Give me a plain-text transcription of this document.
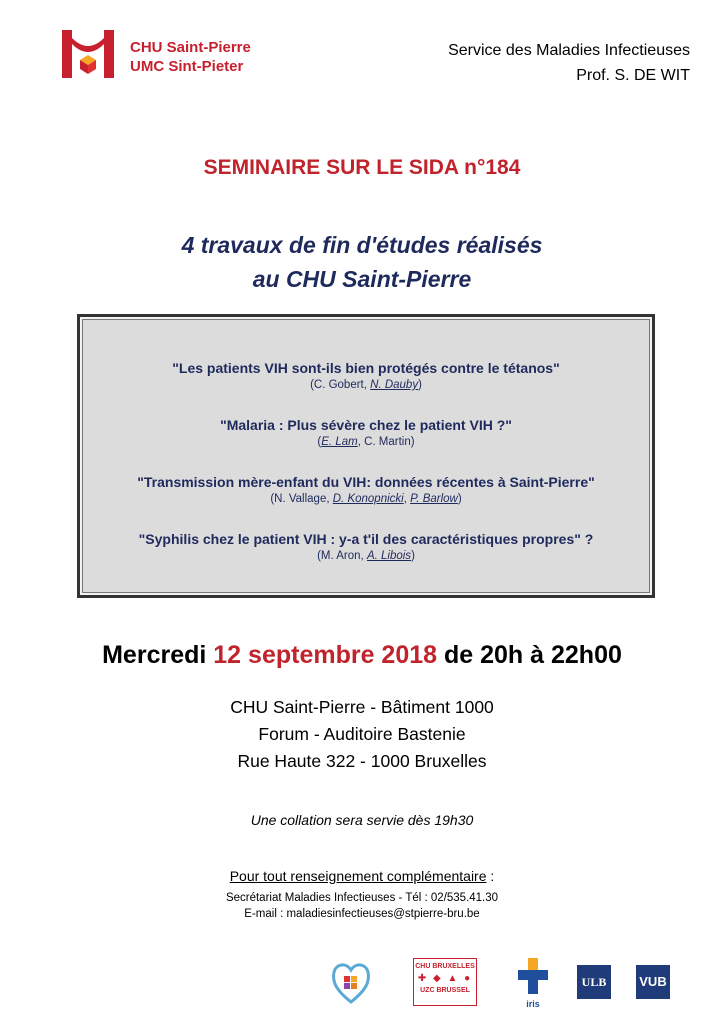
CHU Saint-Pierre
UMC Sint-Pieter
Service des Maladies Infectieuses
Prof. S. DE WIT
SEMINAIRE SUR LE SIDA n°184
4 travaux de fin d'études réalisés
au CHU Saint-Pierre
"Les patients VIH sont-ils bien protégés contre le tétanos"
(C. Gobert, N. Dauby)
"Malaria : Plus sévère chez le patient VIH ?"
(E. Lam, C. Martin)
"Transmission mère-enfant du VIH: données récentes à Saint-Pierre"
(N. Vallage, D. Konopnicki, P. Barlow)
"Syphilis chez le patient VIH : y-a t'il des caractéristiques propres" ?
(M. Aron, A. Libois)
Mercredi 12 septembre 2018 de 20h à 22h00
CHU Saint-Pierre - Bâtiment 1000
Forum - Auditoire Bastenie
Rue Haute 322 - 1000 Bruxelles
Une collation sera servie dès 19h30
Pour tout renseignement complémentaire :
Secrétariat Maladies Infectieuses - Tél : 02/535.41.30
E-mail : maladiesinfectieuses@stpierre-bru.be
CHU BRUXELLES
✚ ◆ ▲ ●
UZC BRUSSEL
iris
ULB	VUB
